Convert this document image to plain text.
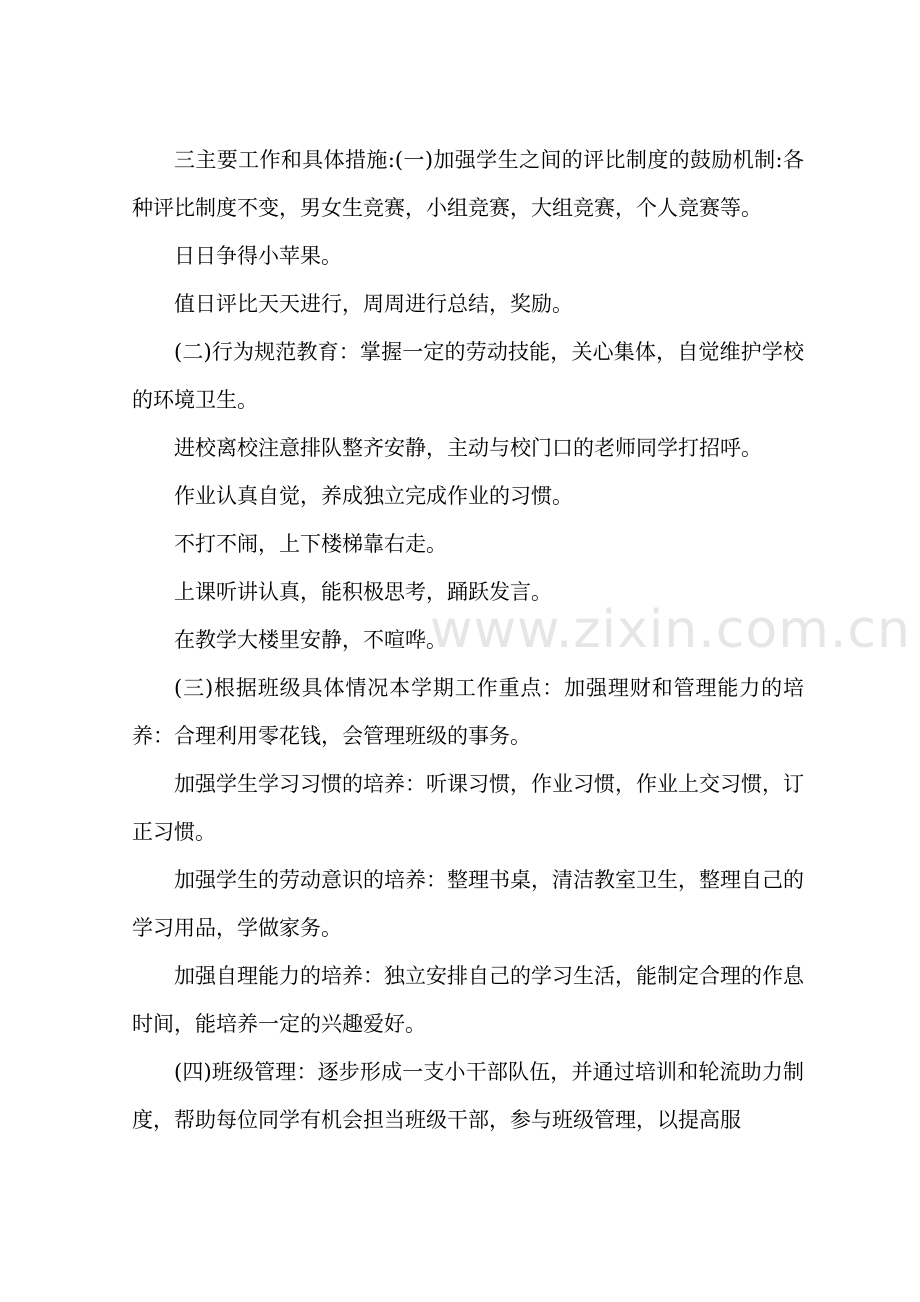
www.zixin.com.cn

三主要工作和具体措施:(一)加强学生之间的评比制度的鼓励机制:各种评比制度不变，男女生竞赛，小组竞赛，大组竞赛，个人竞赛等。

日日争得小苹果。

值日评比天天进行，周周进行总结，奖励。

(二)行为规范教育：掌握一定的劳动技能，关心集体，自觉维护学校的环境卫生。

进校离校注意排队整齐安静，主动与校门口的老师同学打招呼。

作业认真自觉，养成独立完成作业的习惯。

不打不闹，上下楼梯靠右走。

上课听讲认真，能积极思考，踊跃发言。

在教学大楼里安静，不喧哗。

(三)根据班级具体情况本学期工作重点：加强理财和管理能力的培养：合理利用零花钱，会管理班级的事务。

加强学生学习习惯的培养：听课习惯，作业习惯，作业上交习惯，订正习惯。

加强学生的劳动意识的培养：整理书桌，清洁教室卫生，整理自己的学习用品，学做家务。

加强自理能力的培养：独立安排自己的学习生活，能制定合理的作息时间，能培养一定的兴趣爱好。

(四)班级管理：逐步形成一支小干部队伍，并通过培训和轮流助力制度，帮助每位同学有机会担当班级干部，参与班级管理，以提高服
